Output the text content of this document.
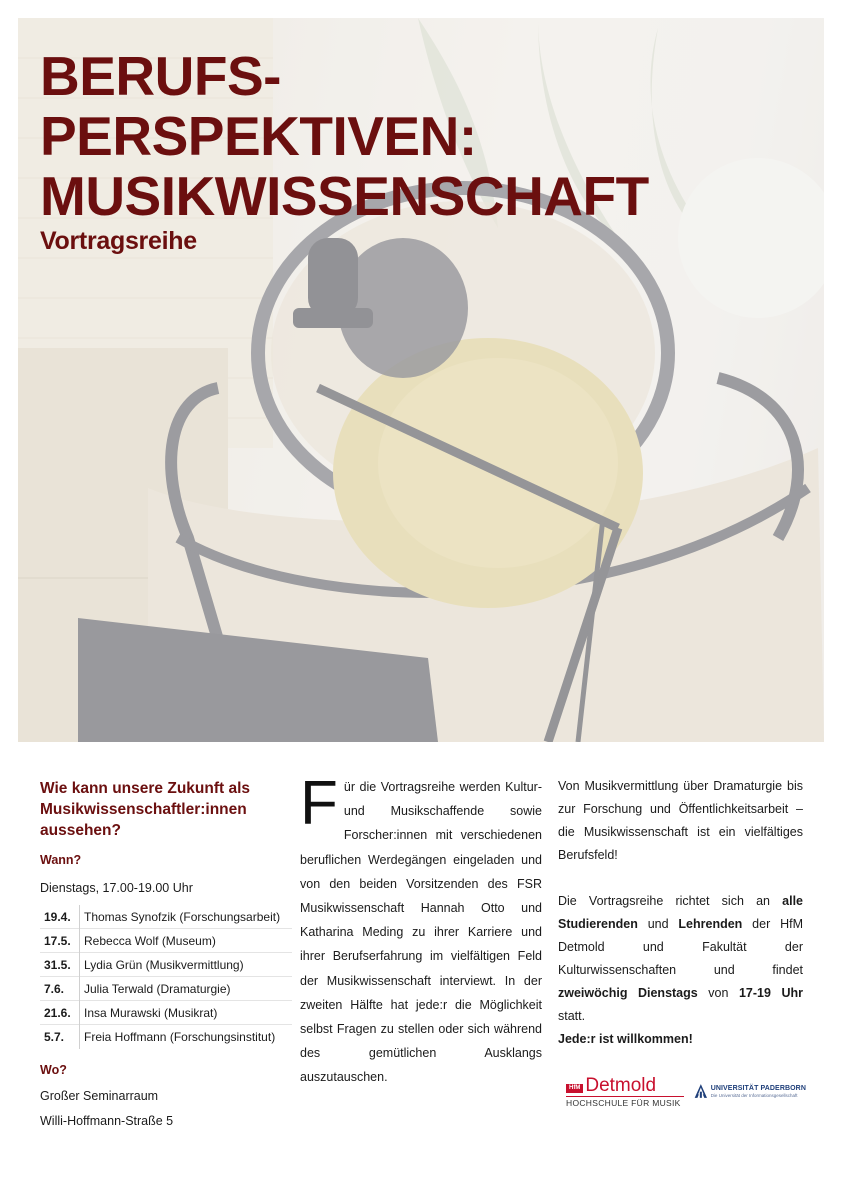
BERUFS-
PERSPEKTIVEN:
MUSIKWISSENSCHAFT
Vortragsreihe
Wie kann unsere Zukunft als Musikwissenschaftler:innen aussehen?
Wann?
Dienstags, 17.00-19.00 Uhr
19.4.	Thomas Synofzik (Forschungsarbeit)
17.5.	Rebecca Wolf (Museum)
31.5.	Lydia Grün (Musikvermittlung)
7.6.	Julia Terwald (Dramaturgie)
21.6.	Insa Murawski (Musikrat)
5.7.	Freia Hoffmann (Forschungsinstitut)
Wo?
Großer Seminarraum
Willi-Hoffmann-Straße 5

Für die Vortragsreihe werden Kultur- und Musikschaffende sowie Forscher:innen mit verschiedenen beruflichen Werdegängen eingeladen und von den beiden Vorsitzenden des FSR Musikwissenschaft Hannah Otto und Katharina Meding zu ihrer Karriere und ihrer Berufserfahrung im vielfältigen Feld der Musikwissenschaft interviewt. In der zweiten Hälfte hat jede:r die Möglichkeit selbst Fragen zu stellen oder sich während des gemütlichen Ausklangs auszutauschen.

Von Musikvermittlung über Dramaturgie bis zur Forschung und Öffentlichkeitsarbeit – die Musikwissenschaft ist ein vielfältiges Berufsfeld!

Die Vortragsreihe richtet sich an alle Studierenden und Lehrenden der HfM Detmold und Fakultät der Kulturwissenschaften und findet zweiwöchig Dienstags von 17-19 Uhr statt.

Jede:r ist willkommen!

HfM Detmold
HOCHSCHULE FÜR MUSIK
UNIVERSITÄT PADERBORN
Die Universität der Informationsgesellschaft
